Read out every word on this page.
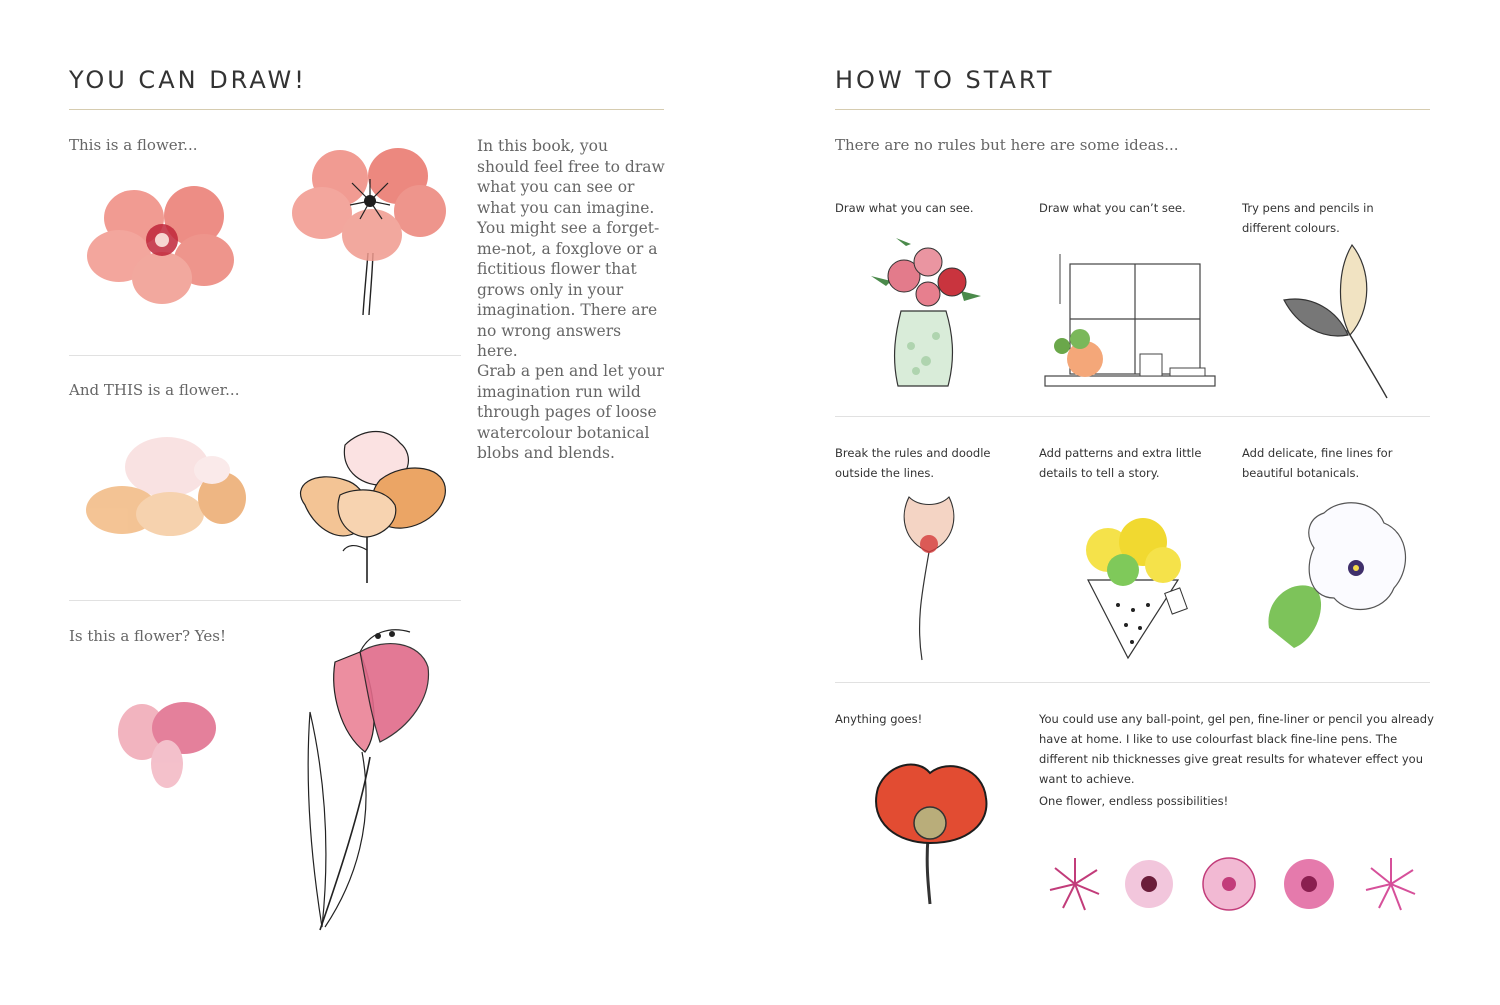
YOU CAN DRAW!
This is a flower...
And THIS is a flower...
Is this a flower? Yes!

In this book, you should feel free to draw what you can see or what you can imagine. You might see a forget-me-not, a foxglove or a fictitious flower that grows only in your imagination. There are no wrong answers here.

Grab a pen and let your imagination run wild through pages of loose watercolour botanical blobs and blends.

HOW TO START
There are no rules but here are some ideas...
Draw what you can see.	Draw what you can’t see.	Try pens and pencils in different colours.
Break the rules and doodle outside the lines.
Add patterns and extra little details to tell a story.
Add delicate, fine lines for beautiful botanicals.
Anything goes!	You could use any ball-point, gel pen, fine-liner or pencil you already have at home. I like to use colourfast black fine-line pens. The different nib thicknesses give great results for whatever effect you want to achieve.
One flower, endless possibilities!
